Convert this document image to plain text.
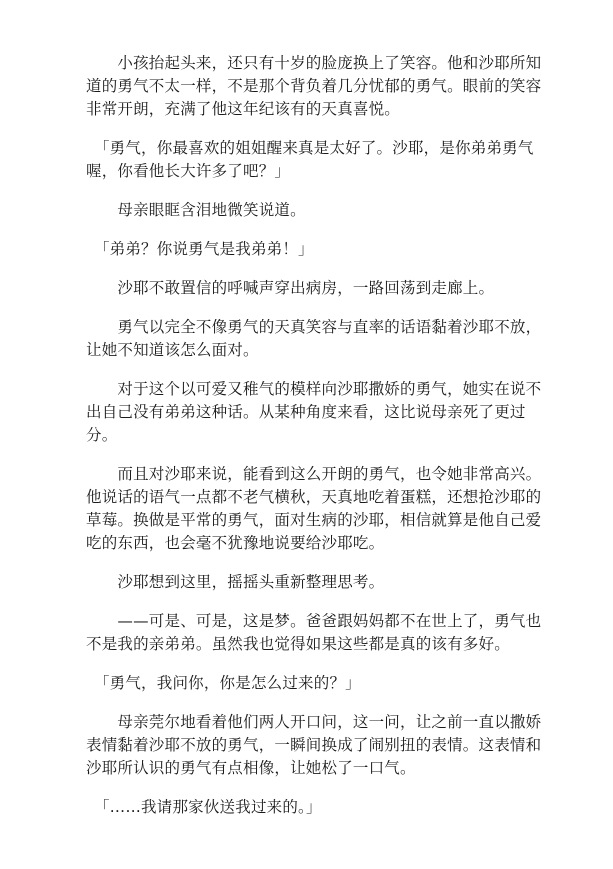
　　小孩抬起头来，还只有十岁的脸庞换上了笑容。他和沙耶所知道的勇气不太一样，不是那个背负着几分忧郁的勇气。眼前的笑容非常开朗，充满了他这年纪该有的天真喜悦。

　「勇气，你最喜欢的姐姐醒来真是太好了。沙耶，是你弟弟勇气喔，你看他长大许多了吧？」

　　母亲眼眶含泪地微笑说道。

　「弟弟？你说勇气是我弟弟！」

　　沙耶不敢置信的呼喊声穿出病房，一路回荡到走廊上。

　　勇气以完全不像勇气的天真笑容与直率的话语黏着沙耶不放，让她不知道该怎么面对。

　　对于这个以可爱又稚气的模样向沙耶撒娇的勇气，她实在说不出自己没有弟弟这种话。从某种角度来看，这比说母亲死了更过分。

　　而且对沙耶来说，能看到这么开朗的勇气，也令她非常高兴。他说话的语气一点都不老气横秋，天真地吃着蛋糕，还想抢沙耶的草莓。换做是平常的勇气，面对生病的沙耶，相信就算是他自己爱吃的东西，也会毫不犹豫地说要给沙耶吃。

　　沙耶想到这里，摇摇头重新整理思考。

　　——可是、可是，这是梦。爸爸跟妈妈都不在世上了，勇气也不是我的亲弟弟。虽然我也觉得如果这些都是真的该有多好。

　「勇气，我问你，你是怎么过来的？」

　　母亲莞尔地看着他们两人开口问，这一问，让之前一直以撒娇表情黏着沙耶不放的勇气，一瞬间换成了闹别扭的表情。这表情和沙耶所认识的勇气有点相像，让她松了一口气。

　「……我请那家伙送我过来的。」
